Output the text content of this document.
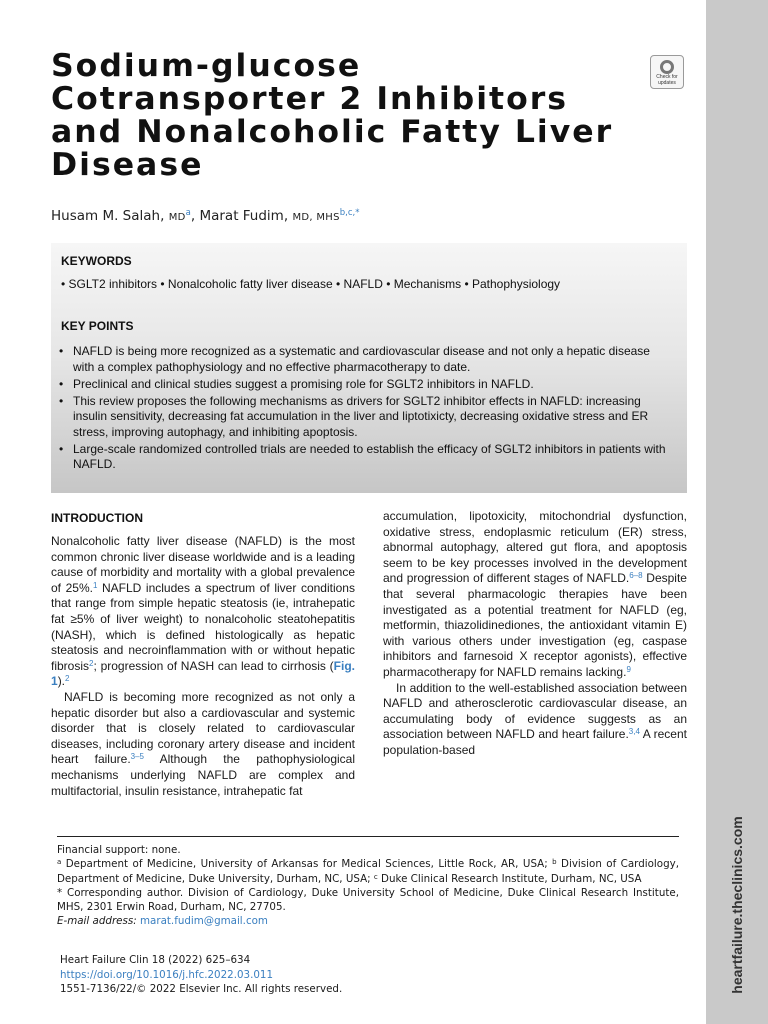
heartfailure.theclinics.com
Sodium-glucose
Cotransporter 2 Inhibitors
and Nonalcoholic Fatty Liver
Disease
Check for
updates
Husam M. Salah, $MD^a$, Marat Fudim, MD, $MHS^{b,c,*}$
KEYWORDS
• SGLT2 inhibitors • Nonalcoholic fatty liver disease • NAFLD • Mechanisms • Pathophysiology
KEY POINTS
• NAFLD is being more recognized as a systematic and cardiovascular disease and not only a hepatic disease with a complex pathophysiology and no effective pharmacotherapy to date.
• Preclinical and clinical studies suggest a promising role for SGLT2 inhibitors in NAFLD.
• This review proposes the following mechanisms as drivers for SGLT2 inhibitor effects in NAFLD: increasing insulin sensitivity, decreasing fat accumulation in the liver and liptotixicty, decreasing oxidative stress and ER stress, improving autophagy, and inhibiting apoptosis.
• Large-scale randomized controlled trials are needed to establish the efficacy of SGLT2 inhibitors in patients with NAFLD.
INTRODUCTION

Nonalcoholic fatty liver disease (NAFLD) is the most common chronic liver disease worldwide and is a leading cause of morbidity and mortality with a global prevalence of 25%.$^1$ NAFLD includes a spectrum of liver conditions that range from simple hepatic steatosis (ie, intrahepatic fat ≥5% of liver weight) to nonalcoholic steatohepatitis (NASH), which is defined histologically as hepatic steatosis and necroinflammation with or without hepatic fibrosis$^2$; progression of NASH can lead to cirrhosis (Fig. 1).$^2$

NAFLD is becoming more recognized as not only a hepatic disorder but also a cardiovascular and systemic disorder that is closely related to cardiovascular diseases, including coronary artery disease and incident heart failure.$^{3-5}$ Although the pathophysiological mechanisms underlying NAFLD are complex and multifactorial, insulin resistance, intrahepatic fat

accumulation, lipotoxicity, mitochondrial dysfunction, oxidative stress, endoplasmic reticulum (ER) stress, abnormal autophagy, altered gut flora, and apoptosis seem to be key processes involved in the development and progression of different stages of NAFLD.$^{6-8}$ Despite that several pharmacologic therapies have been investigated as a potential treatment for NAFLD (eg, metformin, thiazolidinediones, the antioxidant vitamin E) with various others under investigation (eg, caspase inhibitors and farnesoid X receptor agonists), effective pharmacotherapy for NAFLD remains lacking.$^9$

In addition to the well-established association between NAFLD and atherosclerotic cardiovascular disease, an accumulating body of evidence suggests as an association between NAFLD and heart failure.$^{3,4}$ A recent population-based

Financial support: none.

$^a$ Department of Medicine, University of Arkansas for Medical Sciences, Little Rock, AR, USA; $^b$ Division of Cardiology, Department of Medicine, Duke University, Durham, NC, USA; $^c$ Duke Clinical Research Institute, Durham, NC, USA

* Corresponding author. Division of Cardiology, Duke University School of Medicine, Duke Clinical Research Institute, MHS, 2301 Erwin Road, Durham, NC, 27705.

E-mail address: marat.fudim@gmail.com

Heart Failure Clin 18 (2022) 625–634
https://doi.org/10.1016/j.hfc.2022.03.011
1551-7136/22/© 2022 Elsevier Inc. All rights reserved.
